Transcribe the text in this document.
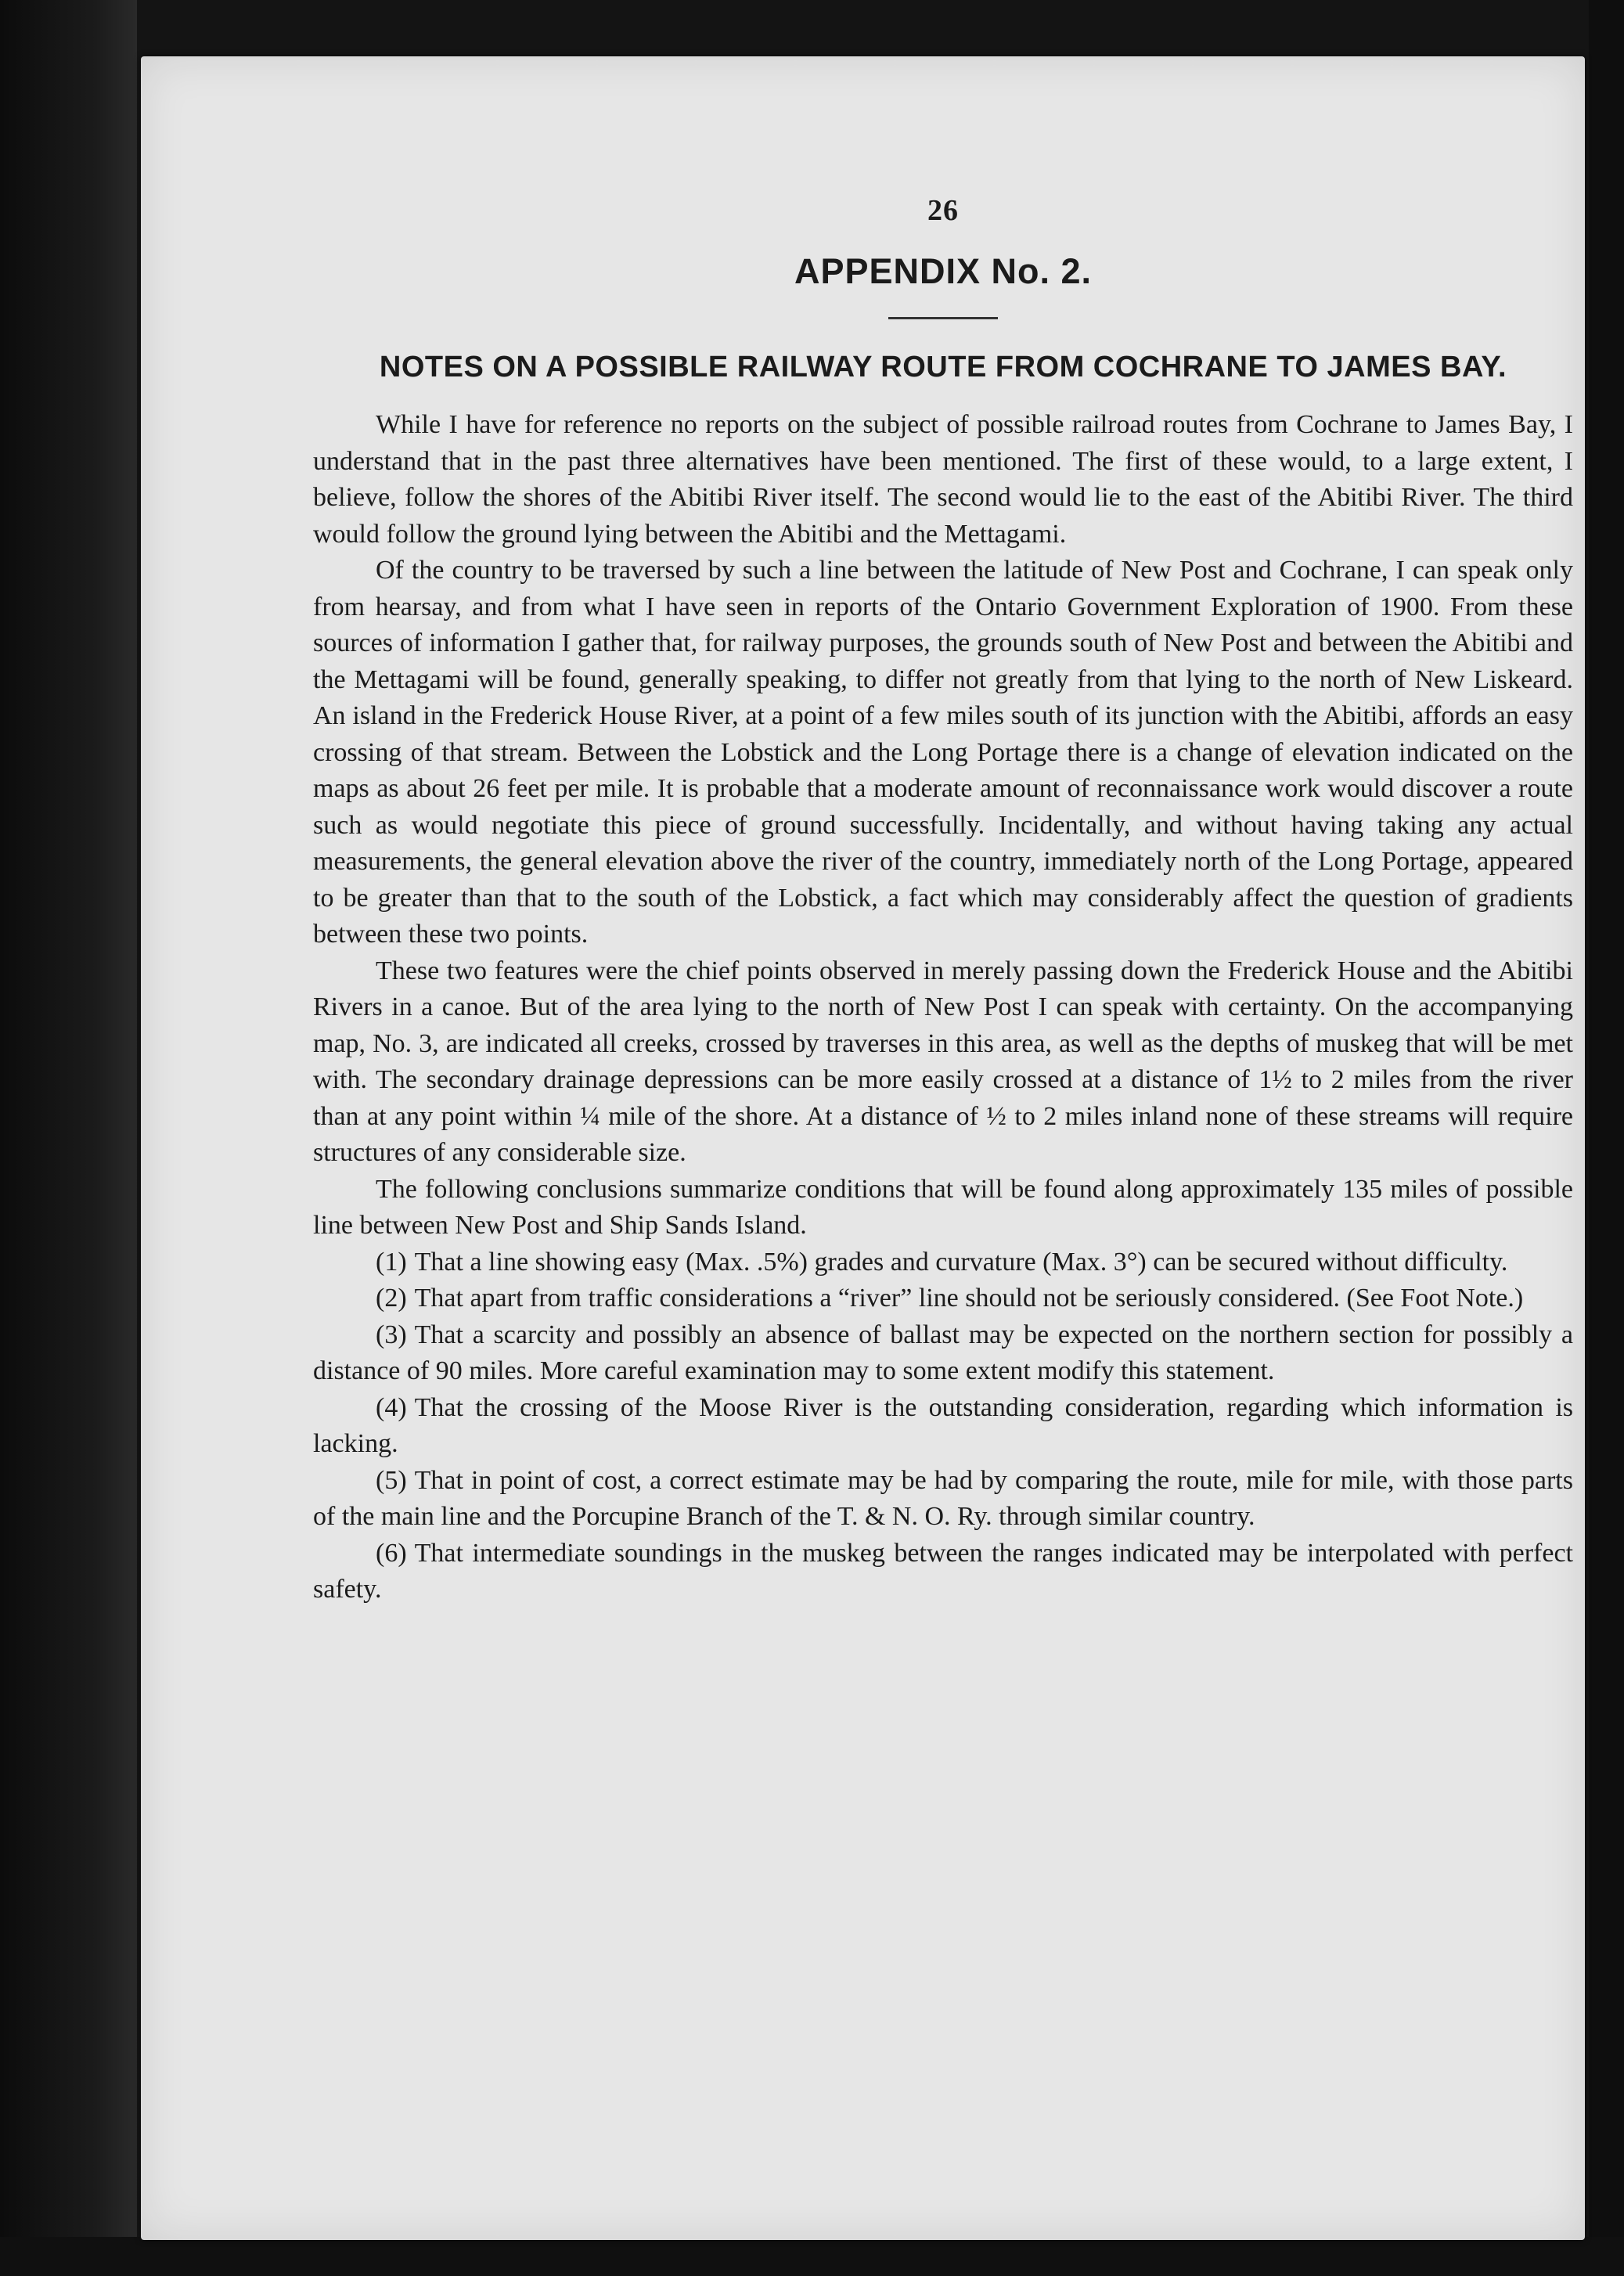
26
APPENDIX No. 2.
NOTES ON A POSSIBLE RAILWAY ROUTE FROM COCHRANE TO JAMES BAY.

While I have for reference no reports on the subject of possible railroad routes from Cochrane to James Bay, I understand that in the past three alternatives have been mentioned. The first of these would, to a large extent, I believe, follow the shores of the Abitibi River itself. The second would lie to the east of the Abitibi River. The third would follow the ground lying between the Abitibi and the Mettagami.

Of the country to be traversed by such a line between the latitude of New Post and Cochrane, I can speak only from hearsay, and from what I have seen in reports of the Ontario Government Exploration of 1900. From these sources of information I gather that, for railway purposes, the grounds south of New Post and between the Abitibi and the Mettagami will be found, generally speaking, to differ not greatly from that lying to the north of New Liskeard. An island in the Frederick House River, at a point of a few miles south of its junction with the Abitibi, affords an easy crossing of that stream. Between the Lobstick and the Long Portage there is a change of elevation indicated on the maps as about 26 feet per mile. It is probable that a moderate amount of reconnaissance work would discover a route such as would negotiate this piece of ground successfully. Incidentally, and without having taking any actual measurements, the general elevation above the river of the country, immediately north of the Long Portage, appeared to be greater than that to the south of the Lobstick, a fact which may considerably affect the question of gradients between these two points.

These two features were the chief points observed in merely passing down the Frederick House and the Abitibi Rivers in a canoe. But of the area lying to the north of New Post I can speak with certainty. On the accompanying map, No. 3, are indicated all creeks, crossed by traverses in this area, as well as the depths of muskeg that will be met with. The secondary drainage depressions can be more easily crossed at a distance of 1½ to 2 miles from the river than at any point within ¼ mile of the shore. At a distance of ½ to 2 miles inland none of these streams will require structures of any considerable size.

The following conclusions summarize conditions that will be found along approximately 135 miles of possible line between New Post and Ship Sands Island.

(1) That a line showing easy (Max. .5%) grades and curvature (Max. 3°) can be secured without difficulty.

(2) That apart from traffic considerations a “river” line should not be seriously considered. (See Foot Note.)

(3) That a scarcity and possibly an absence of ballast may be expected on the northern section for possibly a distance of 90 miles. More careful examination may to some extent modify this statement.

(4) That the crossing of the Moose River is the outstanding consideration, regarding which information is lacking.

(5) That in point of cost, a correct estimate may be had by comparing the route, mile for mile, with those parts of the main line and the Porcupine Branch of the T. & N. O. Ry. through similar country.

(6) That intermediate soundings in the muskeg between the ranges indicated may be interpolated with perfect safety.
